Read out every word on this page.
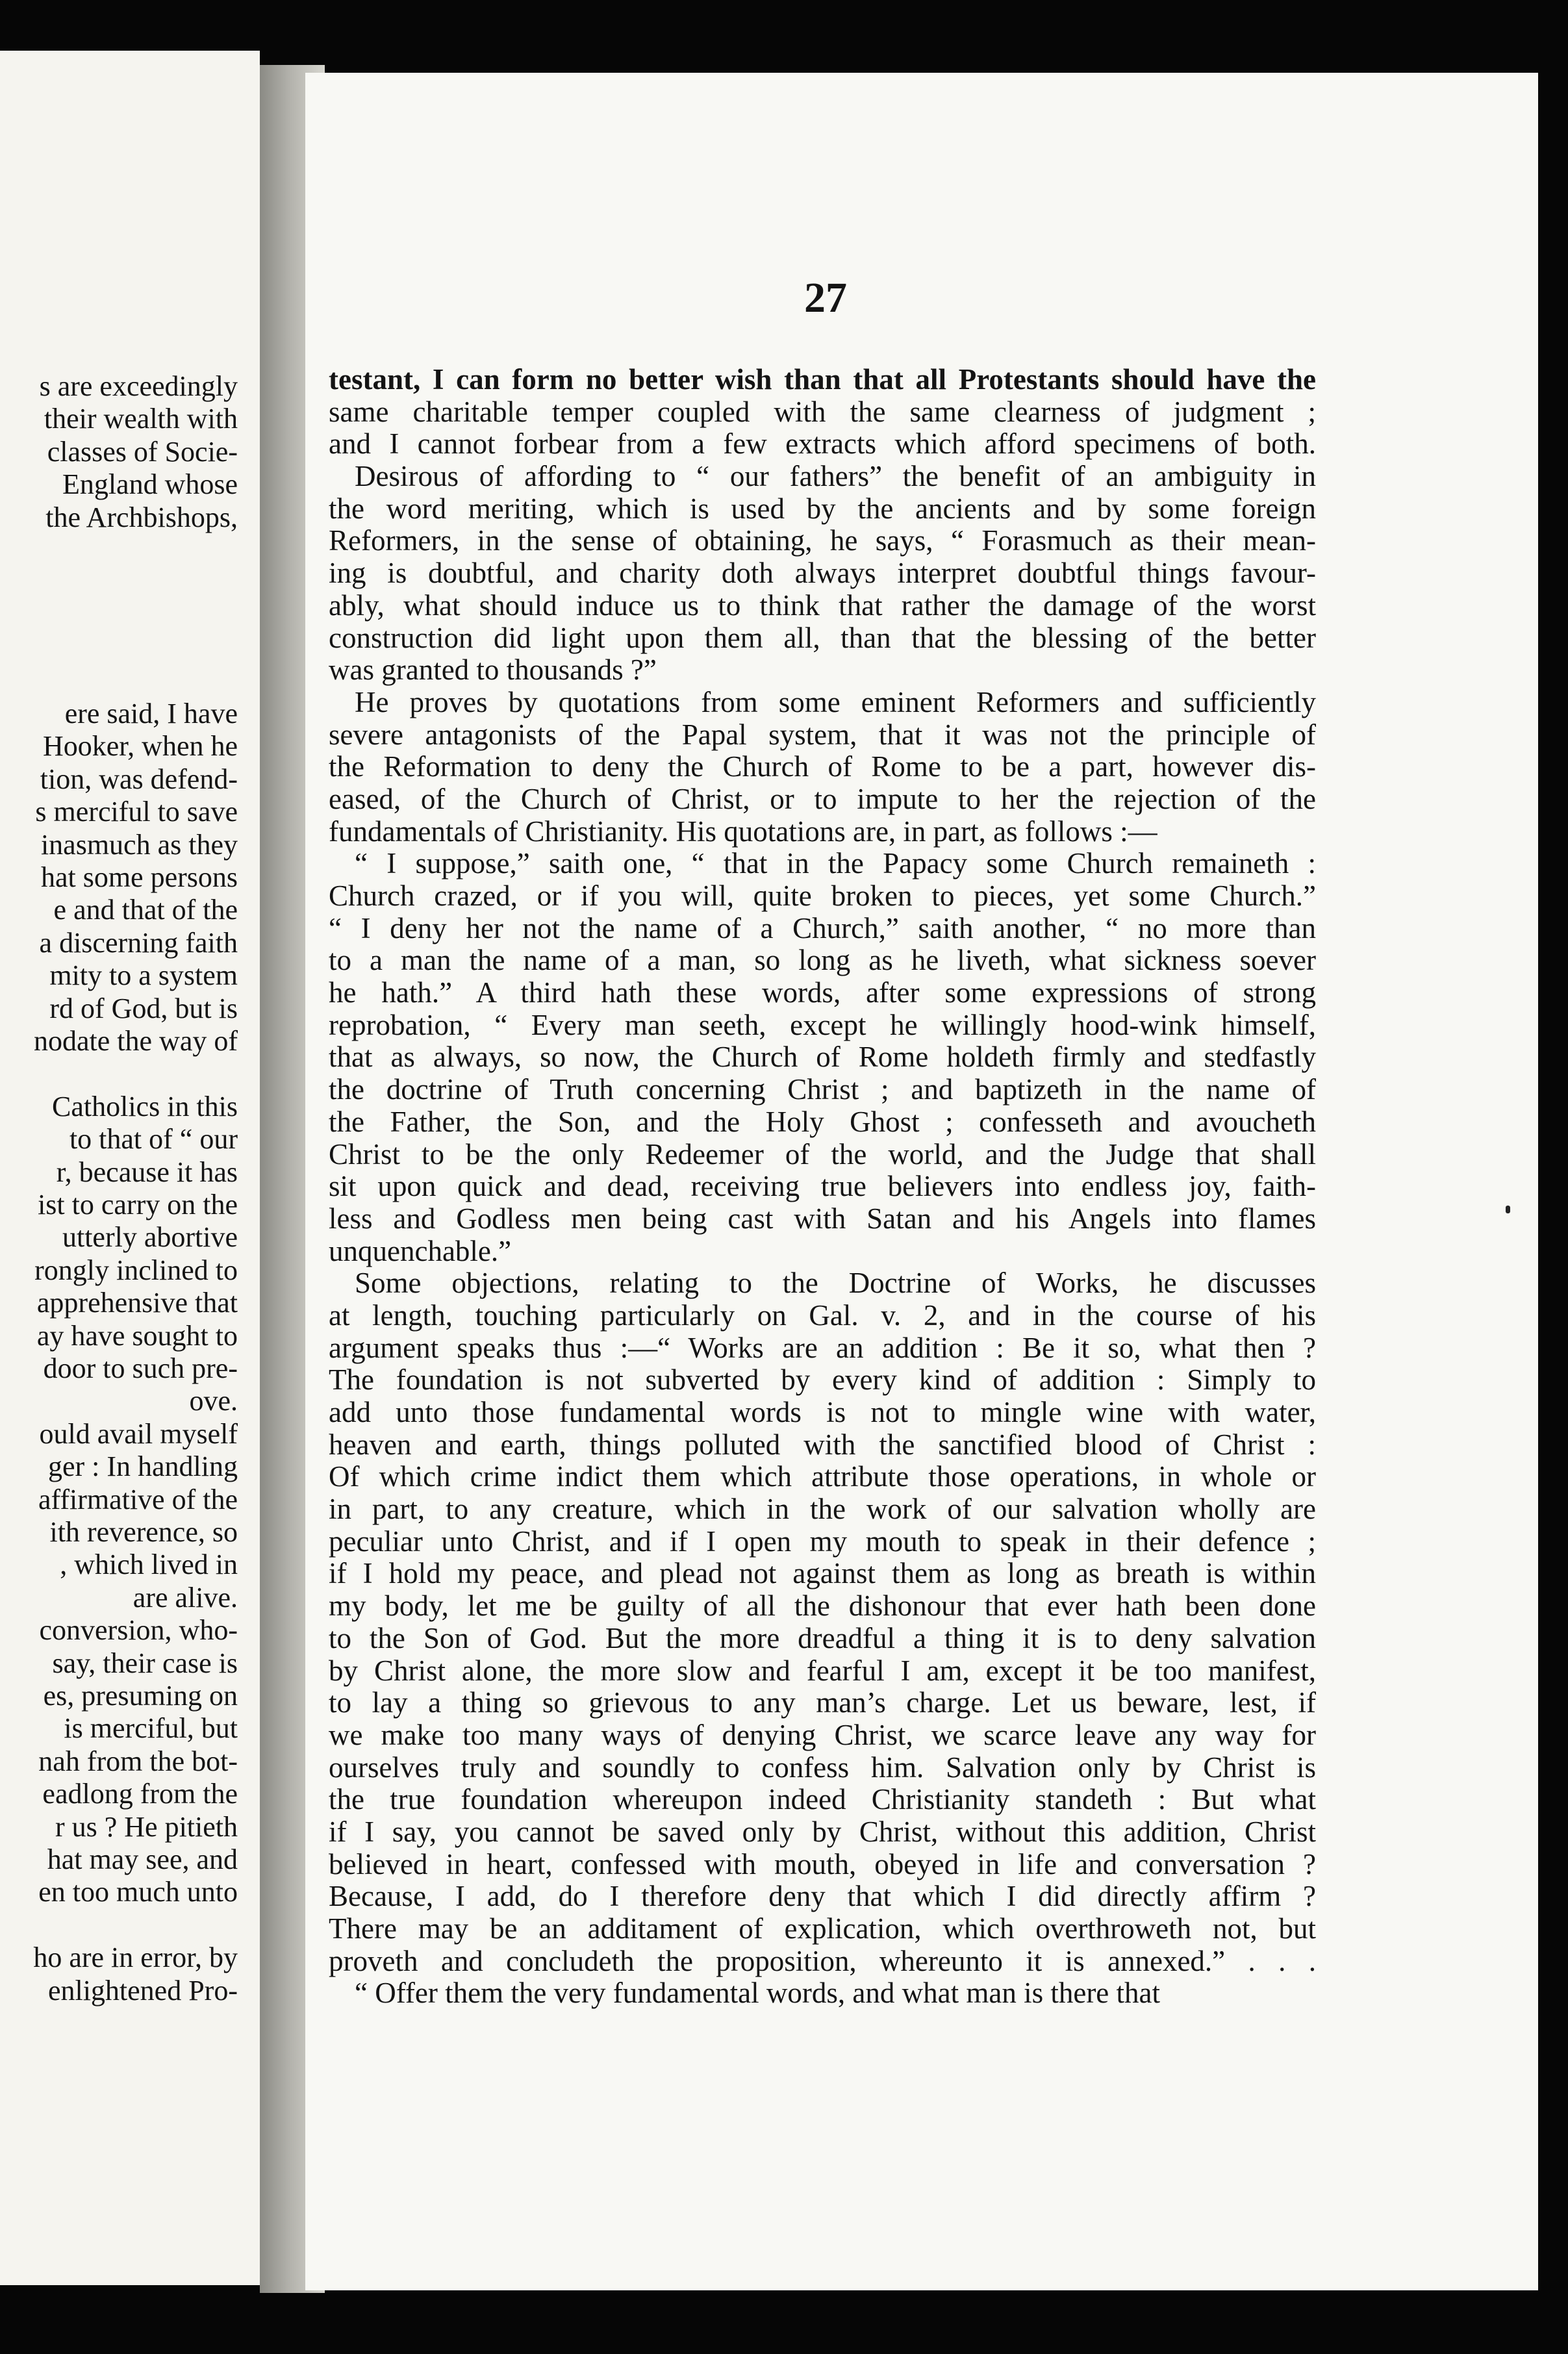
s are exceedingly
their wealth with
classes of Socie-
England whose
the Archbishops,
ere said, I have
Hooker, when he
tion, was defend-
s merciful to save
inasmuch as they
hat some persons
e and that of the
a discerning faith
mity to a system
rd of God, but is
nodate the way of
Catholics in this
to that of “ our
r, because it has
ist to carry on the
utterly abortive
rongly inclined to
apprehensive that
ay have sought to
door to such pre-
ove.
ould avail myself
ger : In handling
affirmative of the
ith reverence, so
, which lived in
are alive.
conversion, who-
say, their case is
es, presuming on
is merciful, but
nah from the bot-
eadlong from the
r us ? He pitieth
hat may see, and
en too much unto
ho are in error, by
enlightened Pro-
27
testant, I can form no better wish than that all Protestants should have the
same charitable temper coupled with the same clearness of judgment ;
and I cannot forbear from a few extracts which afford specimens of both.
Desirous of affording to “ our fathers” the benefit of an ambiguity in
the word meriting, which is used by the ancients and by some foreign
Reformers, in the sense of obtaining, he says, “ Forasmuch as their mean-
ing is doubtful, and charity doth always interpret doubtful things favour-
ably, what should induce us to think that rather the damage of the worst
construction did light upon them all, than that the blessing of the better
was granted to thousands ?”
He proves by quotations from some eminent Reformers and sufficiently
severe antagonists of the Papal system, that it was not the principle of
the Reformation to deny the Church of Rome to be a part, however dis-
eased, of the Church of Christ, or to impute to her the rejection of the
fundamentals of Christianity. His quotations are, in part, as follows :—
“ I suppose,” saith one, “ that in the Papacy some Church remaineth :
Church crazed, or if you will, quite broken to pieces, yet some Church.”
“ I deny her not the name of a Church,” saith another, “ no more than
to a man the name of a man, so long as he liveth, what sickness soever
he hath.” A third hath these words, after some expressions of strong
reprobation, “ Every man seeth, except he willingly hood-wink himself,
that as always, so now, the Church of Rome holdeth firmly and stedfastly
the doctrine of Truth concerning Christ ; and baptizeth in the name of
the Father, the Son, and the Holy Ghost ; confesseth and avoucheth
Christ to be the only Redeemer of the world, and the Judge that shall
sit upon quick and dead, receiving true believers into endless joy, faith-
less and Godless men being cast with Satan and his Angels into flames
unquenchable.”
Some objections, relating to the Doctrine of Works, he discusses
at length, touching particularly on Gal. v. 2, and in the course of his
argument speaks thus :—“ Works are an addition : Be it so, what then ?
The foundation is not subverted by every kind of addition : Simply to
add unto those fundamental words is not to mingle wine with water,
heaven and earth, things polluted with the sanctified blood of Christ :
Of which crime indict them which attribute those operations, in whole or
in part, to any creature, which in the work of our salvation wholly are
peculiar unto Christ, and if I open my mouth to speak in their defence ;
if I hold my peace, and plead not against them as long as breath is within
my body, let me be guilty of all the dishonour that ever hath been done
to the Son of God. But the more dreadful a thing it is to deny salvation
by Christ alone, the more slow and fearful I am, except it be too manifest,
to lay a thing so grievous to any man’s charge. Let us beware, lest, if
we make too many ways of denying Christ, we scarce leave any way for
ourselves truly and soundly to confess him. Salvation only by Christ is
the true foundation whereupon indeed Christianity standeth : But what
if I say, you cannot be saved only by Christ, without this addition, Christ
believed in heart, confessed with mouth, obeyed in life and conversation ?
Because, I add, do I therefore deny that which I did directly affirm ?
There may be an additament of explication, which overthroweth not, but
proveth and concludeth the proposition, whereunto it is annexed.” . . .
“ Offer them the very fundamental words, and what man is there that
